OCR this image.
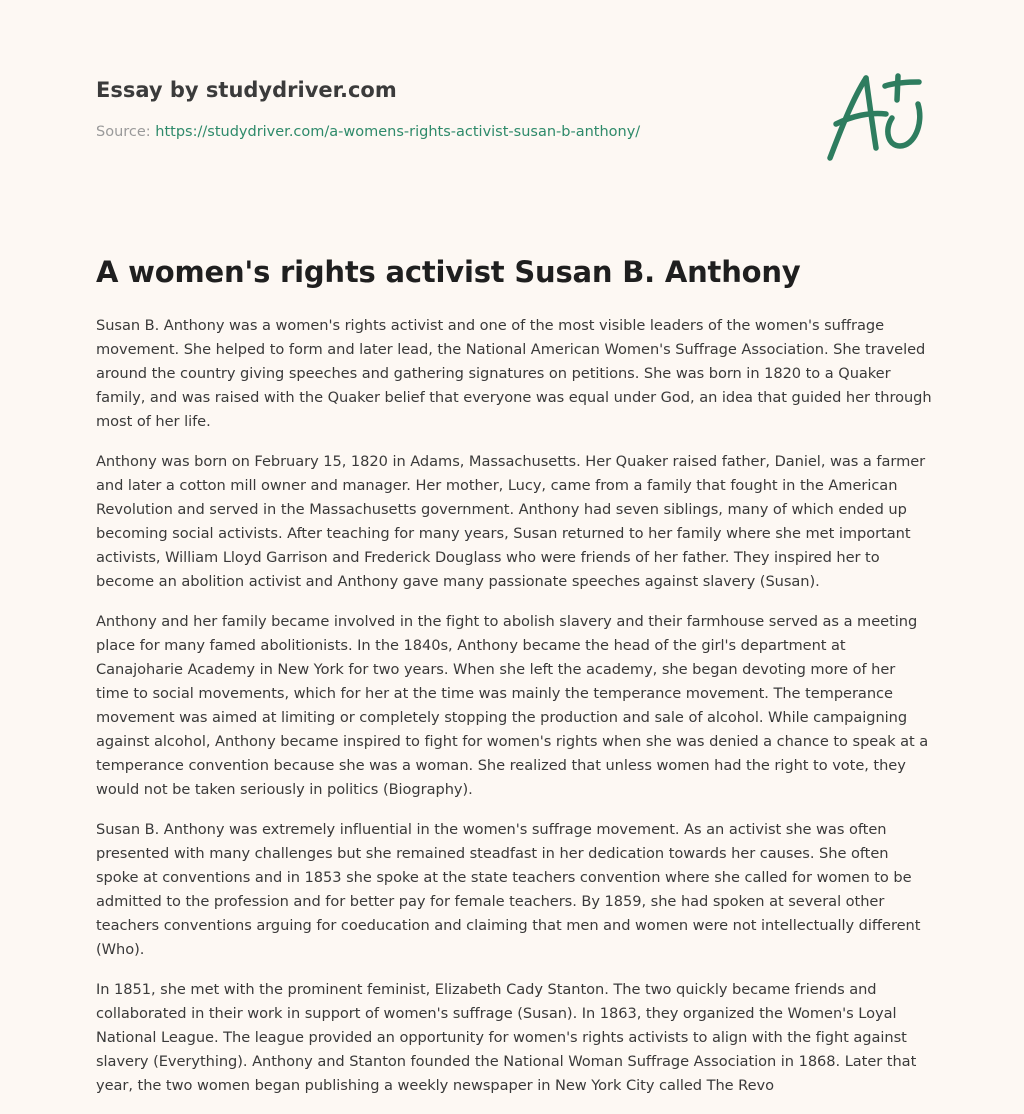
Essay by studydriver.com
Source: https://studydriver.com/a-womens-rights-activist-susan-b-anthony/
A women's rights activist Susan B. Anthony

Susan B. Anthony was a women's rights activist and one of the most visible leaders of the women's suffrage movement. She helped to form and later lead, the National American Women's Suffrage Association. She traveled around the country giving speeches and gathering signatures on petitions. She was born in 1820 to a Quaker family, and was raised with the Quaker belief that everyone was equal under God, an idea that guided her through most of her life.

Anthony was born on February 15, 1820 in Adams, Massachusetts. Her Quaker raised father, Daniel, was a farmer and later a cotton mill owner and manager. Her mother, Lucy, came from a family that fought in the American Revolution and served in the Massachusetts government. Anthony had seven siblings, many of which ended up becoming social activists. After teaching for many years, Susan returned to her family where she met important activists, William Lloyd Garrison and Frederick Douglass who were friends of her father. They inspired her to become an abolition activist and Anthony gave many passionate speeches against slavery (Susan).

Anthony and her family became involved in the fight to abolish slavery and their farmhouse served as a meeting place for many famed abolitionists. In the 1840s, Anthony became the head of the girl's department at Canajoharie Academy in New York for two years. When she left the academy, she began devoting more of her time to social movements, which for her at the time was mainly the temperance movement. The temperance movement was aimed at limiting or completely stopping the production and sale of alcohol. While campaigning against alcohol, Anthony became inspired to fight for women's rights when she was denied a chance to speak at a temperance convention because she was a woman. She realized that unless women had the right to vote, they would not be taken seriously in politics (Biography).

Susan B. Anthony was extremely influential in the women's suffrage movement. As an activist she was often presented with many challenges but she remained steadfast in her dedication towards her causes. She often spoke at conventions and in 1853 she spoke at the state teachers convention where she called for women to be admitted to the profession and for better pay for female teachers. By 1859, she had spoken at several other teachers conventions arguing for coeducation and claiming that men and women were not intellectually different (Who).

In 1851, she met with the prominent feminist, Elizabeth Cady Stanton. The two quickly became friends and collaborated in their work in support of women's suffrage (Susan). In 1863, they organized the Women's Loyal National League. The league provided an opportunity for women's rights activists to align with the fight against slavery (Everything). Anthony and Stanton founded the National Woman Suffrage Association in 1868. Later that year, the two women began publishing a weekly newspaper in New York City called The Revo
